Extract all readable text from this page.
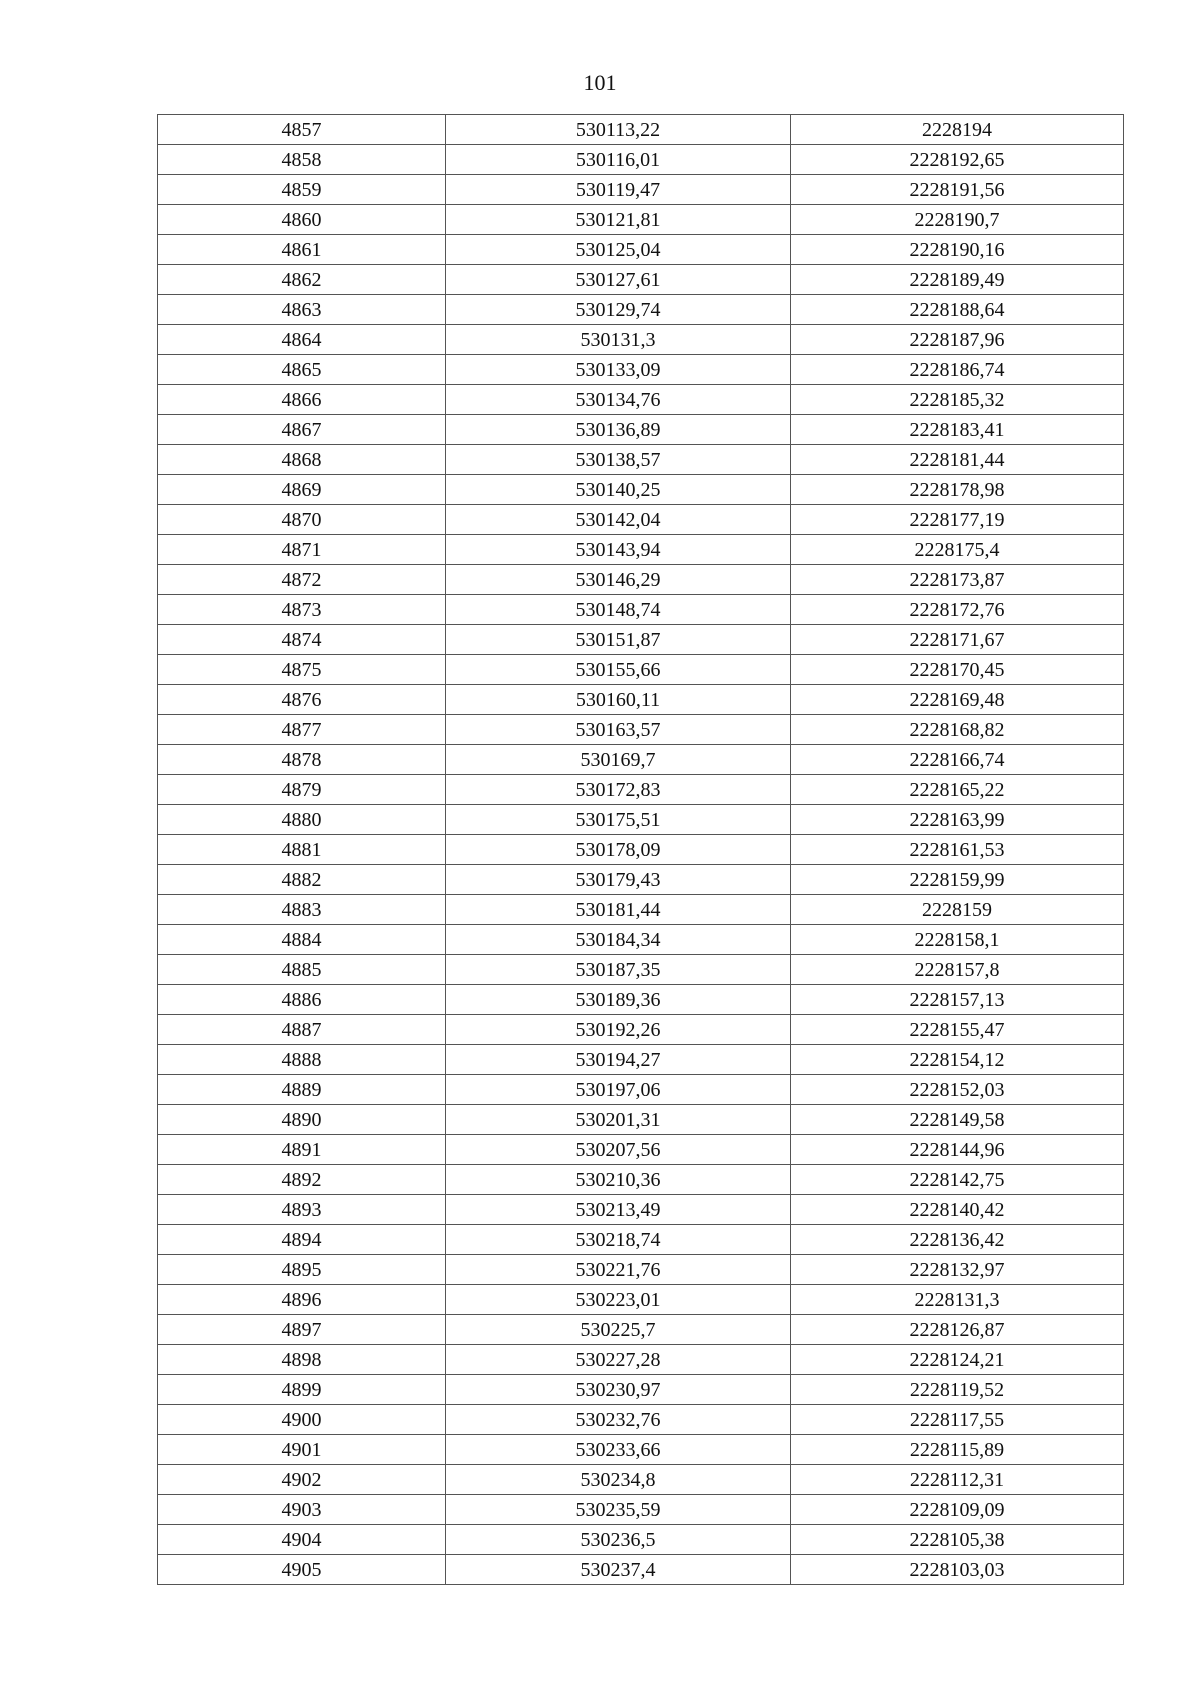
101
4857	530113,22	2228194
4858	530116,01	2228192,65
4859	530119,47	2228191,56
4860	530121,81	2228190,7
4861	530125,04	2228190,16
4862	530127,61	2228189,49
4863	530129,74	2228188,64
4864	530131,3	2228187,96
4865	530133,09	2228186,74
4866	530134,76	2228185,32
4867	530136,89	2228183,41
4868	530138,57	2228181,44
4869	530140,25	2228178,98
4870	530142,04	2228177,19
4871	530143,94	2228175,4
4872	530146,29	2228173,87
4873	530148,74	2228172,76
4874	530151,87	2228171,67
4875	530155,66	2228170,45
4876	530160,11	2228169,48
4877	530163,57	2228168,82
4878	530169,7	2228166,74
4879	530172,83	2228165,22
4880	530175,51	2228163,99
4881	530178,09	2228161,53
4882	530179,43	2228159,99
4883	530181,44	2228159
4884	530184,34	2228158,1
4885	530187,35	2228157,8
4886	530189,36	2228157,13
4887	530192,26	2228155,47
4888	530194,27	2228154,12
4889	530197,06	2228152,03
4890	530201,31	2228149,58
4891	530207,56	2228144,96
4892	530210,36	2228142,75
4893	530213,49	2228140,42
4894	530218,74	2228136,42
4895	530221,76	2228132,97
4896	530223,01	2228131,3
4897	530225,7	2228126,87
4898	530227,28	2228124,21
4899	530230,97	2228119,52
4900	530232,76	2228117,55
4901	530233,66	2228115,89
4902	530234,8	2228112,31
4903	530235,59	2228109,09
4904	530236,5	2228105,38
4905	530237,4	2228103,03
